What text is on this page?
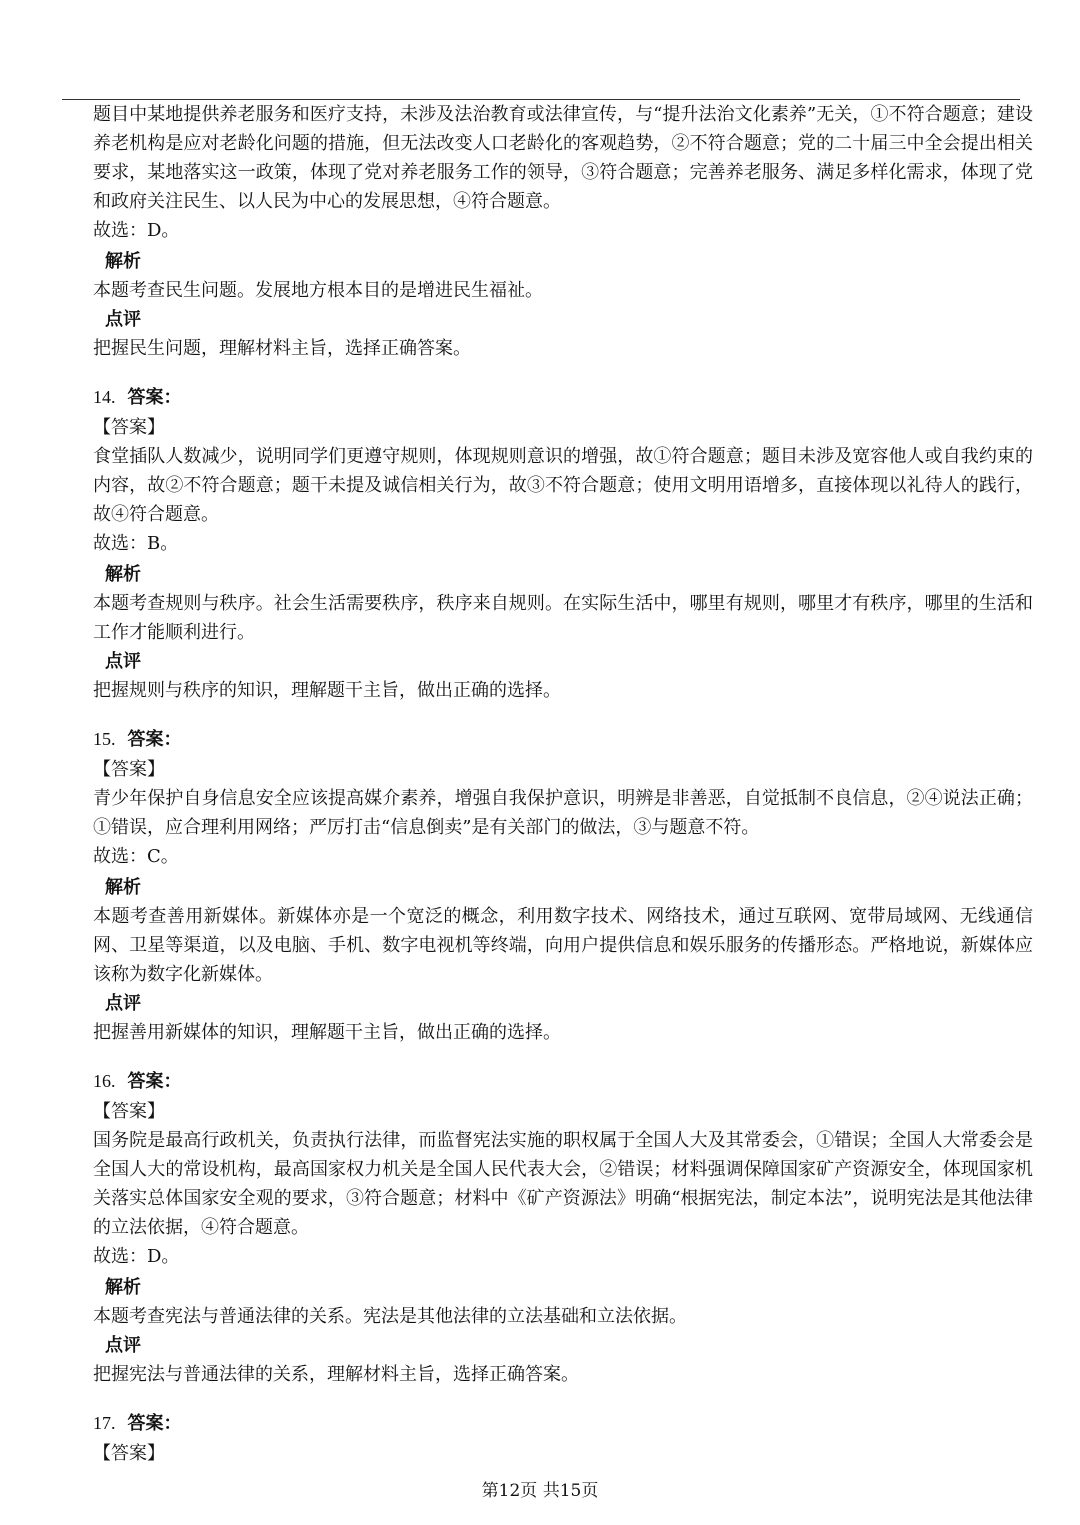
题目中某地提供养老服务和医疗支持，未涉及法治教育或法律宣传，与“提升法治文化素养”无关，①不符合题意；建设养老机构是应对老龄化问题的措施，但无法改变人口老龄化的客观趋势，②不符合题意；党的二十届三中全会提出相关要求，某地落实这一政策，体现了党对养老服务工作的领导，③符合题意；完善养老服务、满足多样化需求，体现了党和政府关注民生、以人民为中心的发展思想，④符合题意。

故选：D。

解析

本题考查民生问题。发展地方根本目的是增进民生福祉。

点评

把握民生问题，理解材料主旨，选择正确答案。

14. 答案：

【答案】

食堂插队人数减少，说明同学们更遵守规则，体现规则意识的增强，故①符合题意；题目未涉及宽容他人或自我约束的内容，故②不符合题意；题干未提及诚信相关行为，故③不符合题意；使用文明用语增多，直接体现以礼待人的践行，故④符合题意。

故选：B。

解析

本题考查规则与秩序。社会生活需要秩序，秩序来自规则。在实际生活中，哪里有规则，哪里才有秩序，哪里的生活和工作才能顺利进行。

点评

把握规则与秩序的知识，理解题干主旨，做出正确的选择。

15. 答案：

【答案】

青少年保护自身信息安全应该提高媒介素养，增强自我保护意识，明辨是非善恶，自觉抵制不良信息，②④说法正确；①错误，应合理利用网络；严厉打击“信息倒卖”是有关部门的做法，③与题意不符。

故选：C。

解析

本题考查善用新媒体。新媒体亦是一个宽泛的概念，利用数字技术、网络技术，通过互联网、宽带局域网、无线通信网、卫星等渠道，以及电脑、手机、数字电视机等终端，向用户提供信息和娱乐服务的传播形态。严格地说，新媒体应该称为数字化新媒体。

点评

把握善用新媒体的知识，理解题干主旨，做出正确的选择。

16. 答案：

【答案】

国务院是最高行政机关，负责执行法律，而监督宪法实施的职权属于全国人大及其常委会，①错误；全国人大常委会是全国人大的常设机构，最高国家权力机关是全国人民代表大会，②错误；材料强调保障国家矿产资源安全，体现国家机关落实总体国家安全观的要求，③符合题意；材料中《矿产资源法》明确“根据宪法，制定本法”，说明宪法是其他法律的立法依据，④符合题意。

故选：D。

解析

本题考查宪法与普通法律的关系。宪法是其他法律的立法基础和立法依据。

点评

把握宪法与普通法律的关系，理解材料主旨，选择正确答案。

17. 答案：

【答案】

第12页 共15页
